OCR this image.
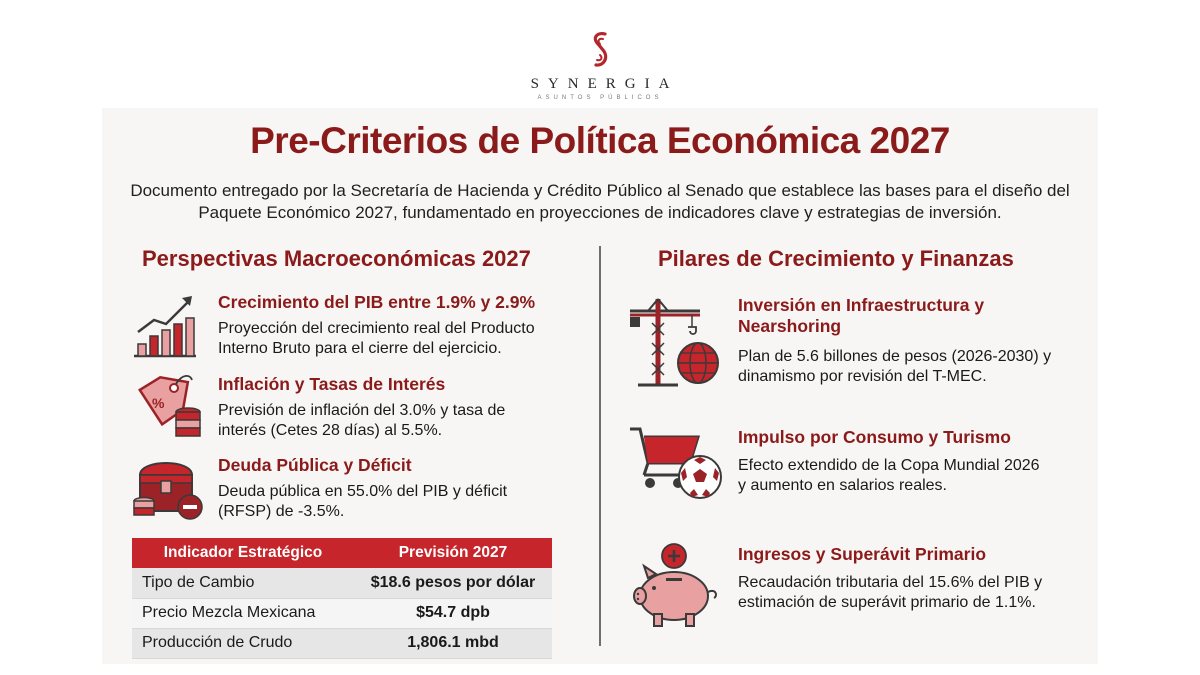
SYNERGIA
ASUNTOS PÚBLICOS
Pre-Criterios de Política Económica 2027
Documento entregado por la Secretaría de Hacienda y Crédito Público al Senado que establece las bases para el diseño del Paquete Económico 2027, fundamentado en proyecciones de indicadores clave y estrategias de inversión.
Perspectivas Macroeconómicas 2027
Crecimiento del PIB entre 1.9% y 2.9%

Proyección del crecimiento real del Producto Interno Bruto para el cierre del ejercicio.

%
Inflación y Tasas de Interés

Previsión de inflación del 3.0% y tasa de interés (Cetes 28 días) al 5.5%.

Deuda Pública y Déficit

Deuda pública en 55.0% del PIB y déficit (RFSP) de -3.5%.

Indicador Estratégico	Previsión 2027
Tipo de Cambio	$18.6 pesos por dólar
Precio Mezcla Mexicana	$54.7 dpb
Producción de Crudo	1,806.1 mbd
Pilares de Crecimiento y Finanzas
Inversión en Infraestructura y Nearshoring

Plan de 5.6 billones de pesos (2026-2030) y dinamismo por revisión del T-MEC.

Impulso por Consumo y Turismo

Efecto extendido de la Copa Mundial 2026 y aumento en salarios reales.

Ingresos y Superávit Primario

Recaudación tributaria del 15.6% del PIB y estimación de superávit primario de 1.1%.
